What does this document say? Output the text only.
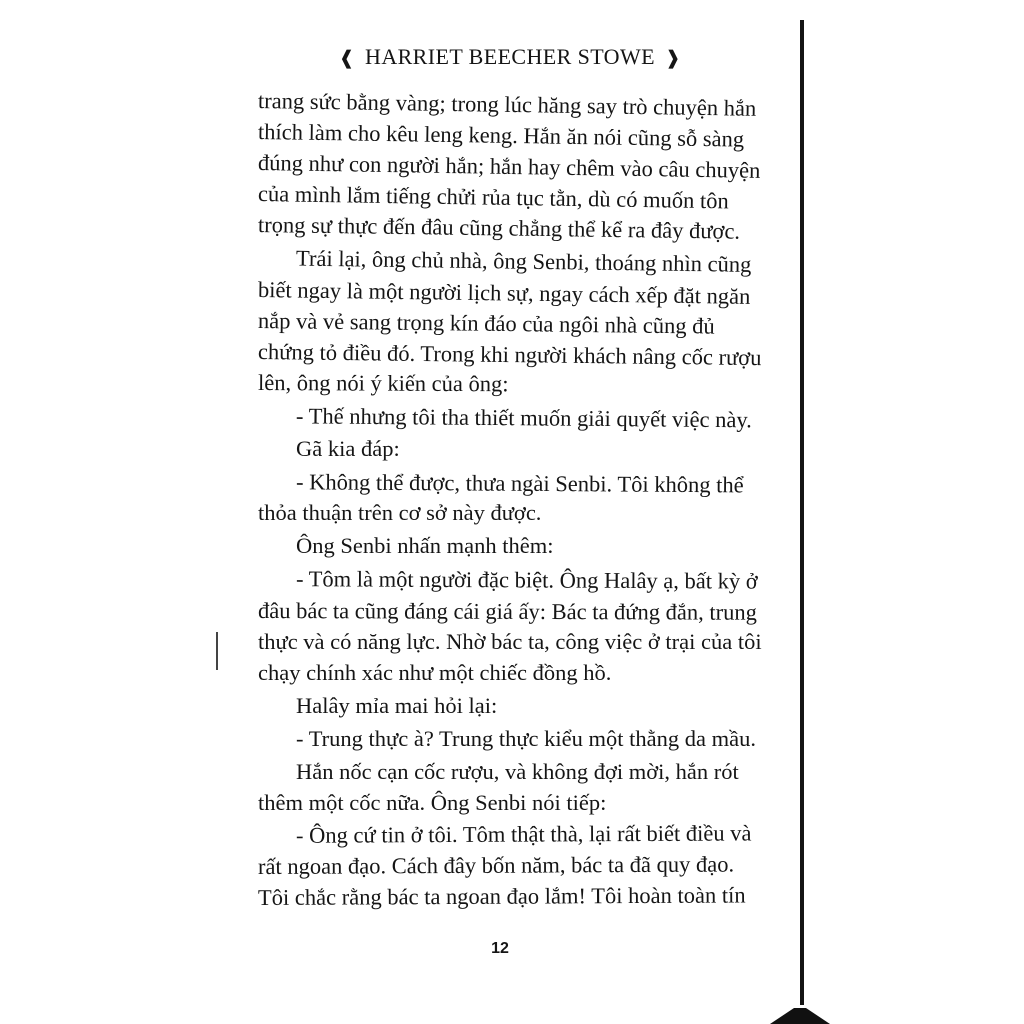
❰ HARRIET BEECHER STOWE ❱
trang sức bằng vàng; trong lúc hăng say trò chuyện hắn
thích làm cho kêu leng keng. Hắn ăn nói cũng sỗ sàng
đúng như con người hắn; hắn hay chêm vào câu chuyện
của mình lắm tiếng chửi rủa tục tằn, dù có muốn tôn
trọng sự thực đến đâu cũng chẳng thể kể ra đây được.
Trái lại, ông chủ nhà, ông Senbi, thoáng nhìn cũng
biết ngay là một người lịch sự, ngay cách xếp đặt ngăn
nắp và vẻ sang trọng kín đáo của ngôi nhà cũng đủ
chứng tỏ điều đó. Trong khi người khách nâng cốc rượu
lên, ông nói ý kiến của ông:
- Thế nhưng tôi tha thiết muốn giải quyết việc này.
Gã kia đáp:
- Không thể được, thưa ngài Senbi. Tôi không thể
thỏa thuận trên cơ sở này được.
Ông Senbi nhấn mạnh thêm:
- Tôm là một người đặc biệt. Ông Halây ạ, bất kỳ ở
đâu bác ta cũng đáng cái giá ấy: Bác ta đứng đắn, trung
thực và có năng lực. Nhờ bác ta, công việc ở trại của tôi
chạy chính xác như một chiếc đồng hồ.
Halây mỉa mai hỏi lại:
- Trung thực à? Trung thực kiểu một thằng da mầu.
Hắn nốc cạn cốc rượu, và không đợi mời, hắn rót
thêm một cốc nữa. Ông Senbi nói tiếp:
- Ông cứ tin ở tôi. Tôm thật thà, lại rất biết điều và
rất ngoan đạo. Cách đây bốn năm, bác ta đã quy đạo.
Tôi chắc rằng bác ta ngoan đạo lắm! Tôi hoàn toàn tín
12
